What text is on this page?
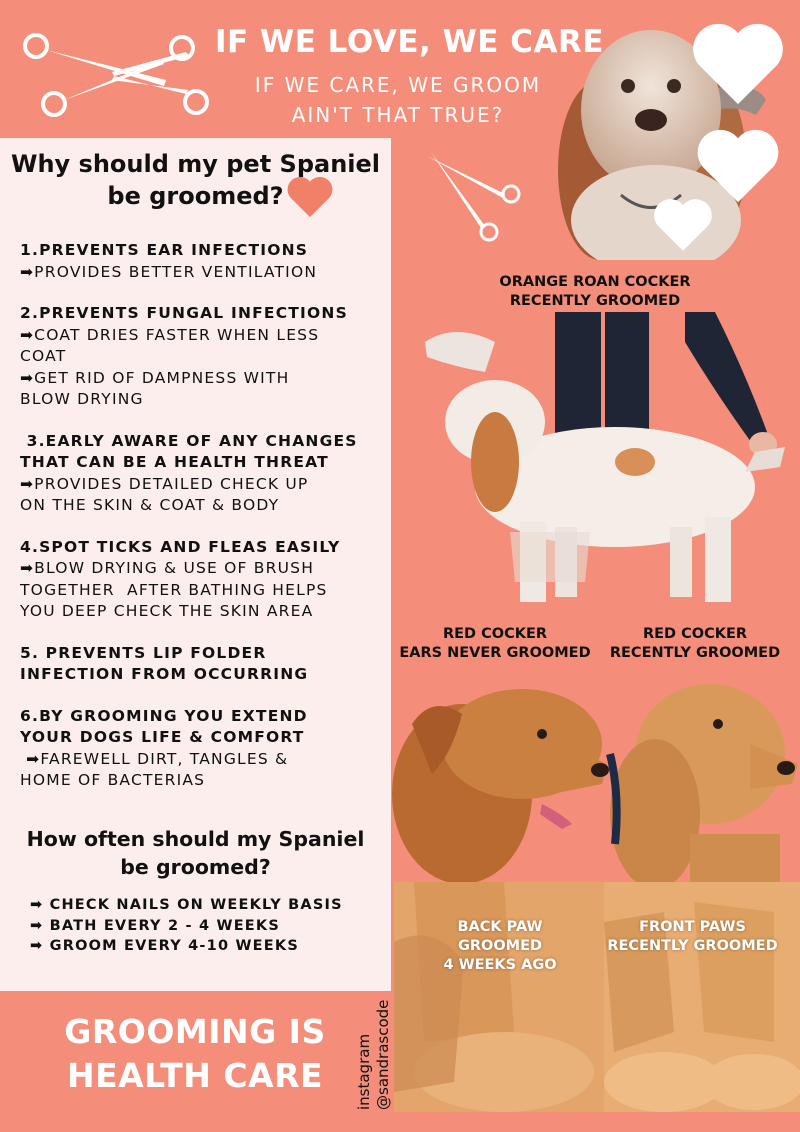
IF WE LOVE, WE CARE
IF WE CARE, WE GROOM
AIN'T THAT TRUE?
Why should my pet Spaniel
be groomed?
1.PREVENTS EAR INFECTIONS
➡PROVIDES BETTER VENTILATION
2.PREVENTS FUNGAL INFECTIONS
➡COAT DRIES FASTER WHEN LESS
COAT
➡GET RID OF DAMPNESS WITH
BLOW DRYING
3.EARLY AWARE OF ANY CHANGES
THAT CAN BE A HEALTH THREAT
➡PROVIDES DETAILED CHECK UP
ON THE SKIN & COAT & BODY
4.SPOT TICKS AND FLEAS EASILY
➡BLOW DRYING & USE OF BRUSH
TOGETHER  AFTER BATHING HELPS
YOU DEEP CHECK THE SKIN AREA
5. PREVENTS LIP FOLDER
INFECTION FROM OCCURRING
6.BY GROOMING YOU EXTEND
YOUR DOGS LIFE & COMFORT
➡FAREWELL DIRT, TANGLES &
HOME OF BACTERIAS
How often should my Spaniel
be groomed?
➡ CHECK NAILS ON WEEKLY BASIS
➡ BATH EVERY 2 - 4 WEEKS
➡ GROOM EVERY 4-10 WEEKS
GROOMING IS
HEALTH CARE	instagram @sandrascode
ORANGE ROAN COCKER
RECENTLY GROOMED
RED COCKER
EARS NEVER GROOMED
RED COCKER
RECENTLY GROOMED
BACK PAW
GROOMED
4 WEEKS AGO
FRONT PAWS
RECENTLY GROOMED
